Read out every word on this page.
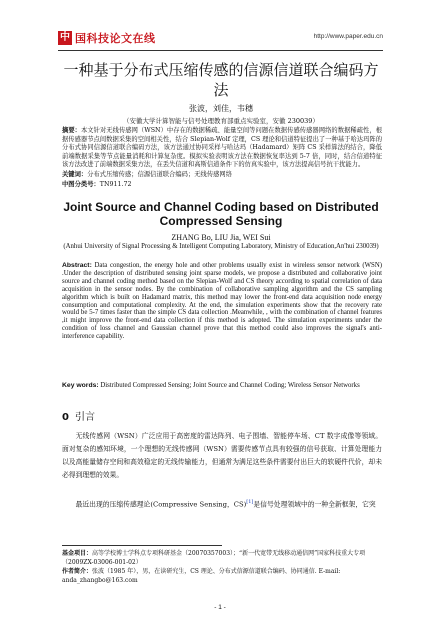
中 国科技论文在线	http://www.paper.edu.cn
一种基于分布式压缩传感的信源信道联合编码方法
张波，刘佳，韦穗
（安徽大学计算智能与信号处理教育部重点实验室，安徽 230039）
摘要：本文针对无线传感网（WSN）中存在的数据稀疏、能量空间等问题在数据传感传感器网络的数据稀疏性，根据传感器节点间数据采集的空间相关性，结合 Slepian-Wolf 定理，CS 理论和信道特征提出了一种基于哈达玛阵的分布式协同信源信道联合编码方法，该方法通过协同采样与哈达玛（Hadamard）矩阵 CS 采样算法的结合，降低前端数据采集等节点能量消耗和计算复杂度。模拟实验表明该方法在数据恢复率达到 5-7 倍，同时，结合信道特征该方法改进了前端数据采集方法，在丢失信道和高斯信道条件下的仿真实验中，该方法提高信号抗干扰能力。
关键词：分布式压缩传感；信源信道联合编码；无线传感网络
中图分类号：TN911.72
Joint Source and Channel Coding based on Distributed Compressed Sensing
ZHANG Bo, LIU Jia, WEI Sui
(Anhui University of Signal Processing & Intelligent Computing Laboratory, Ministry of Education,An'hui 230039)
Abstract: Data congestion, the energy hole and other problems usually exist in wireless sensor network (WSN) .Under the description of distributed sensing joint sparse models, we propose a distributed and collaborative joint source and channel coding method based on the Slepian-Wolf and CS theory according to spatial correlation of data acquisition in the sensor nodes. By the combination of collaborative sampling algorithm and the CS sampling algorithm which is built on Hadamard matrix, this method may lower the front-end data acquisition node energy consumption and computational complexity. At the end, the simulation experiments show that the recovery rate would be 5-7 times faster than the simple CS data collection .Meanwhile, , with the combination of channel features ,it might improve the front-end data collection if this method is adopted. The simulation experiments under the condition of loss channel and Gaussian channel prove that this method could also improves the signal's anti-interference capability.
Key words: Distributed Compressed Sensing; Joint Source and Channel Coding; Wireless Sensor Networks
0 引言
无线传感网（WSN）广泛应用于高密度的雷达阵列、电子围墙、智能停车场、CT 数字成像等领域。面对复杂的感知环境，一个理想的无线传感网（WSN）需要传感节点具有较强的信号获取、计算处理能力以及高能量储存空间和高效稳定的无线传输能力，但通常为满足这些条件需要付出巨大的软硬件代价，却未必得到理想的效果。
最近出现的压缩传感理论(Compressive Sensing，CS)[1]是信号处理领域中的一种全新框架，它突
基金项目：高等学校博士学科点专项科研基金（20070357003）；“新一代宽带无线移动通信网”国家科技重大专项（2009ZX-03006-001-02）
作者简介：张波（1985 年），男，在读研究生，CS 理论、分布式信源信道联合编码、协同通信. E-mail: anda_zhangbo@163.com
- 1 -
